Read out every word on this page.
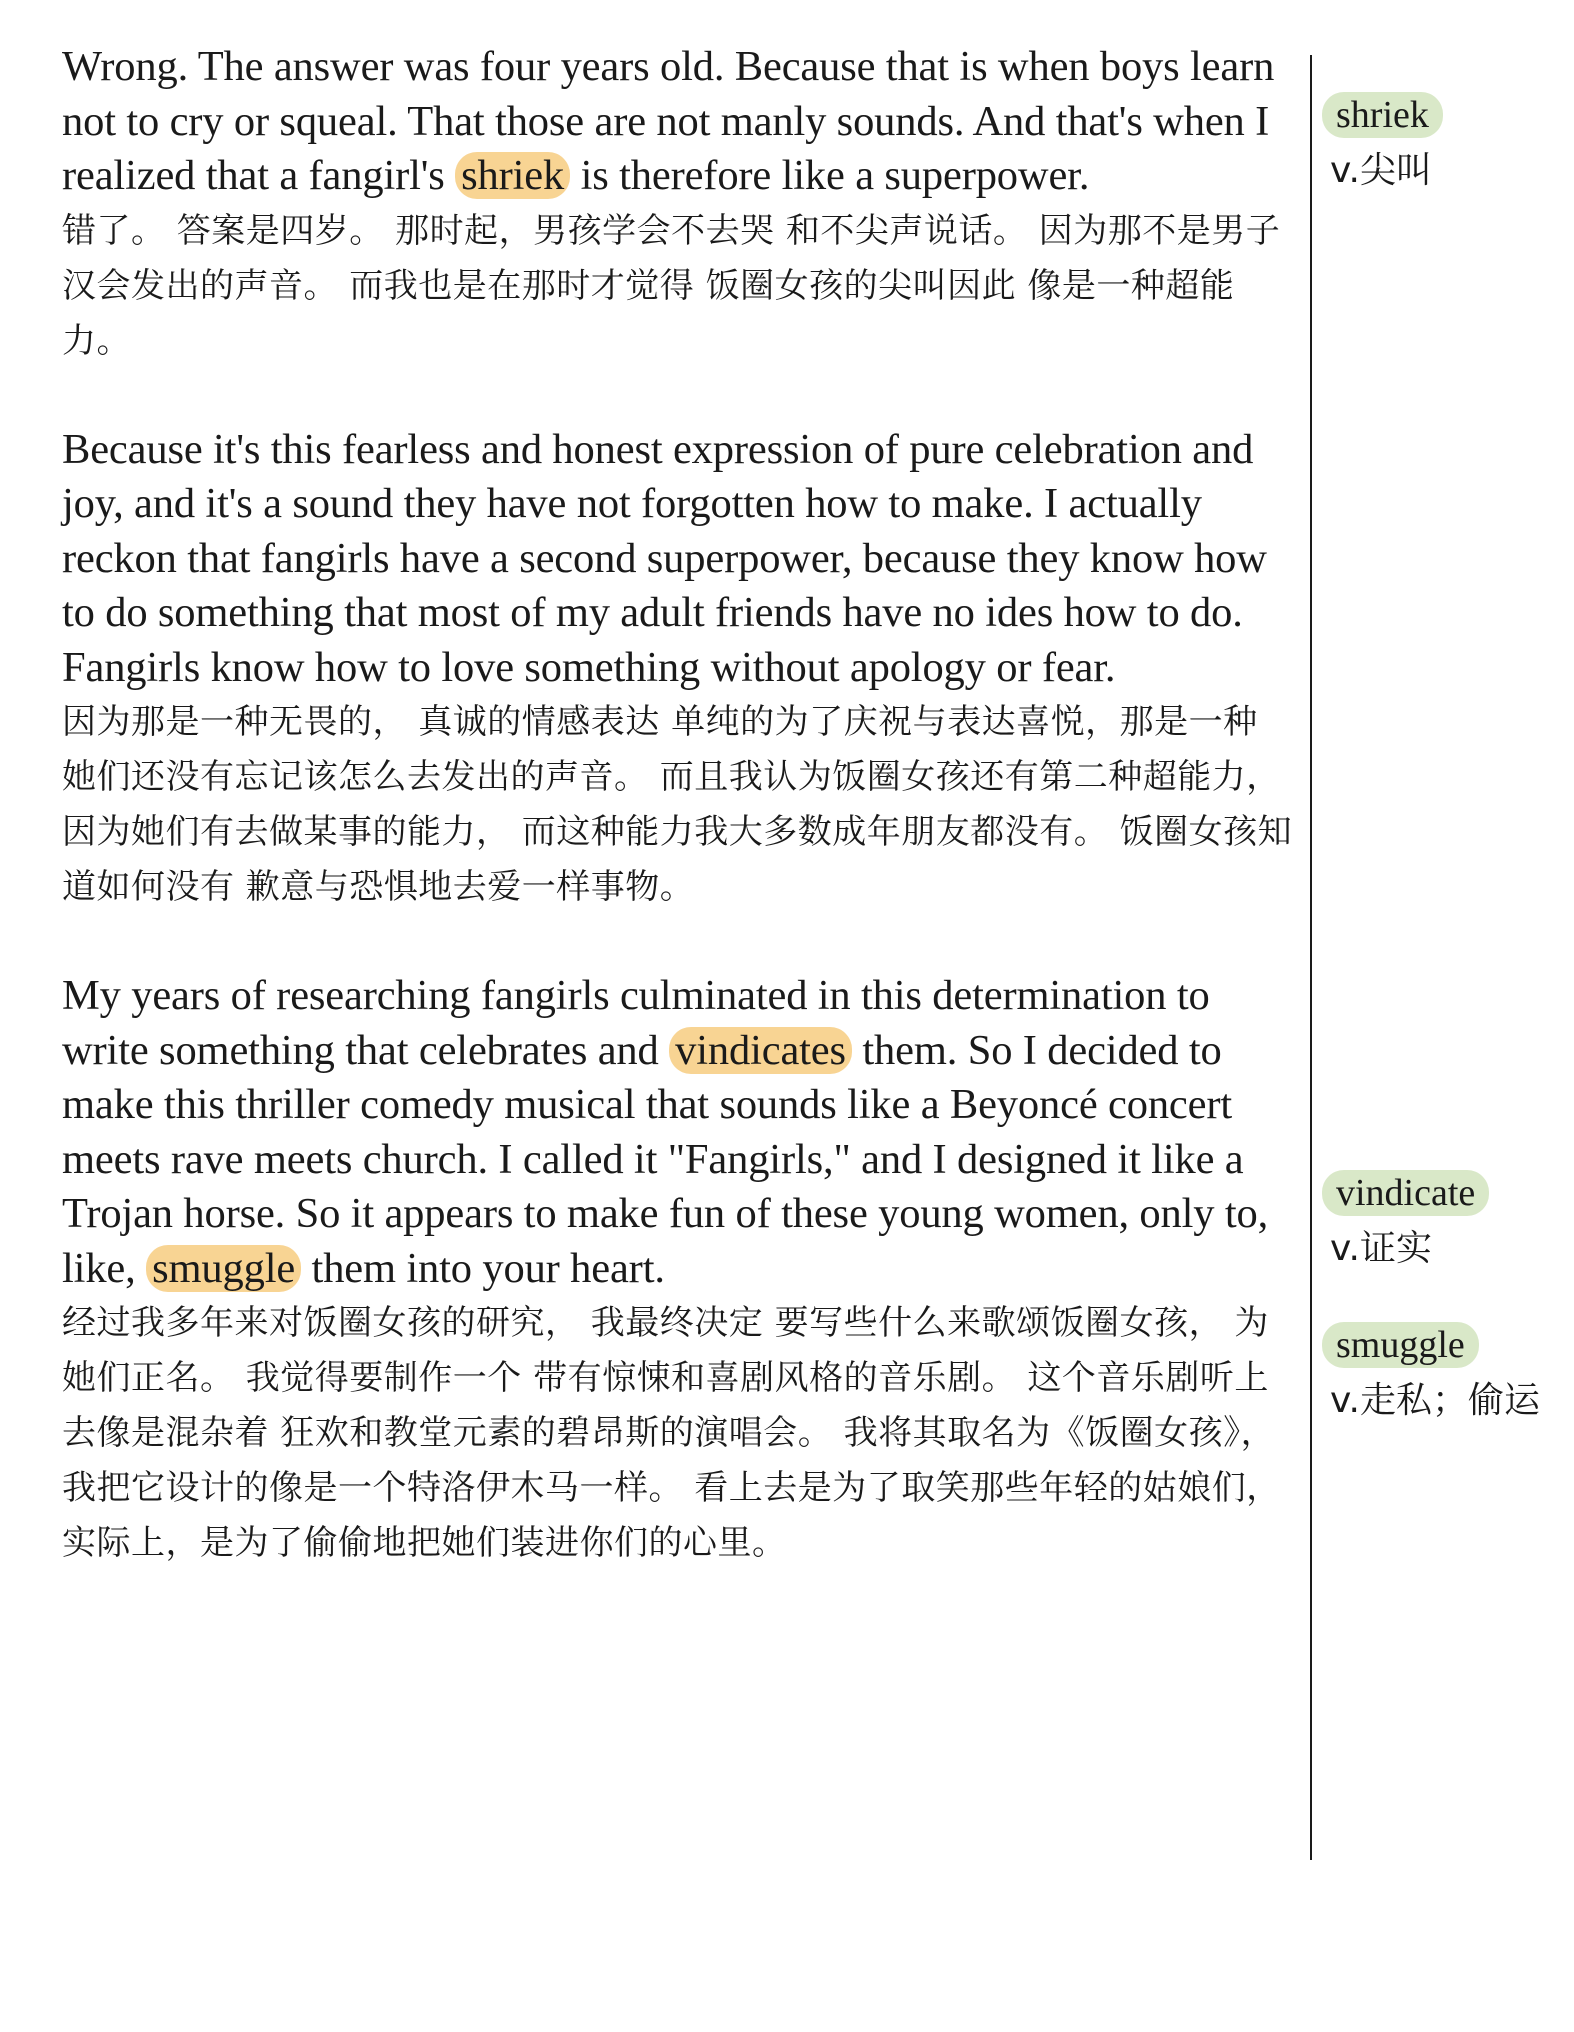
Wrong. The answer was four years old. Because that is when boys learn not to cry or squeal. That those are not manly sounds. And that's when I realized that a fangirl's shriek is therefore like a superpower.

错了。 答案是四岁。 那时起，男孩学会不去哭 和不尖声说话。 因为那不是男子汉会发出的声音。 而我也是在那时才觉得 饭圈女孩的尖叫因此 像是一种超能力。

Because it's this fearless and honest expression of pure celebration and joy, and it's a sound they have not forgotten how to make. I actually reckon that fangirls have a second superpower, because they know how to do something that most of my adult friends have no ides how to do. Fangirls know how to love something without apology or fear.

因为那是一种无畏的， 真诚的情感表达 单纯的为了庆祝与表达喜悦，那是一种 她们还没有忘记该怎么去发出的声音。 而且我认为饭圈女孩还有第二种超能力， 因为她们有去做某事的能力， 而这种能力我大多数成年朋友都没有。 饭圈女孩知道如何没有 歉意与恐惧地去爱一样事物。

My years of researching fangirls culminated in this determination to write something that celebrates and vindicates them. So I decided to make this thriller comedy musical that sounds like a Beyoncé concert meets rave meets church. I called it "Fangirls," and I designed it like a Trojan horse. So it appears to make fun of these young women, only to, like, smuggle them into your heart.

经过我多年来对饭圈女孩的研究， 我最终决定 要写些什么来歌颂饭圈女孩， 为她们正名。 我觉得要制作一个 带有惊悚和喜剧风格的音乐剧。 这个音乐剧听上去像是混杂着 狂欢和教堂元素的碧昂斯的演唱会。 我将其取名为《饭圈女孩》， 我把它设计的像是一个特洛伊木马一样。 看上去是为了取笑那些年轻的姑娘们， 实际上，是为了偷偷地把她们装进你们的心里。

shriek
v.尖叫
vindicate
v.证实
smuggle
v.走私；偷运
